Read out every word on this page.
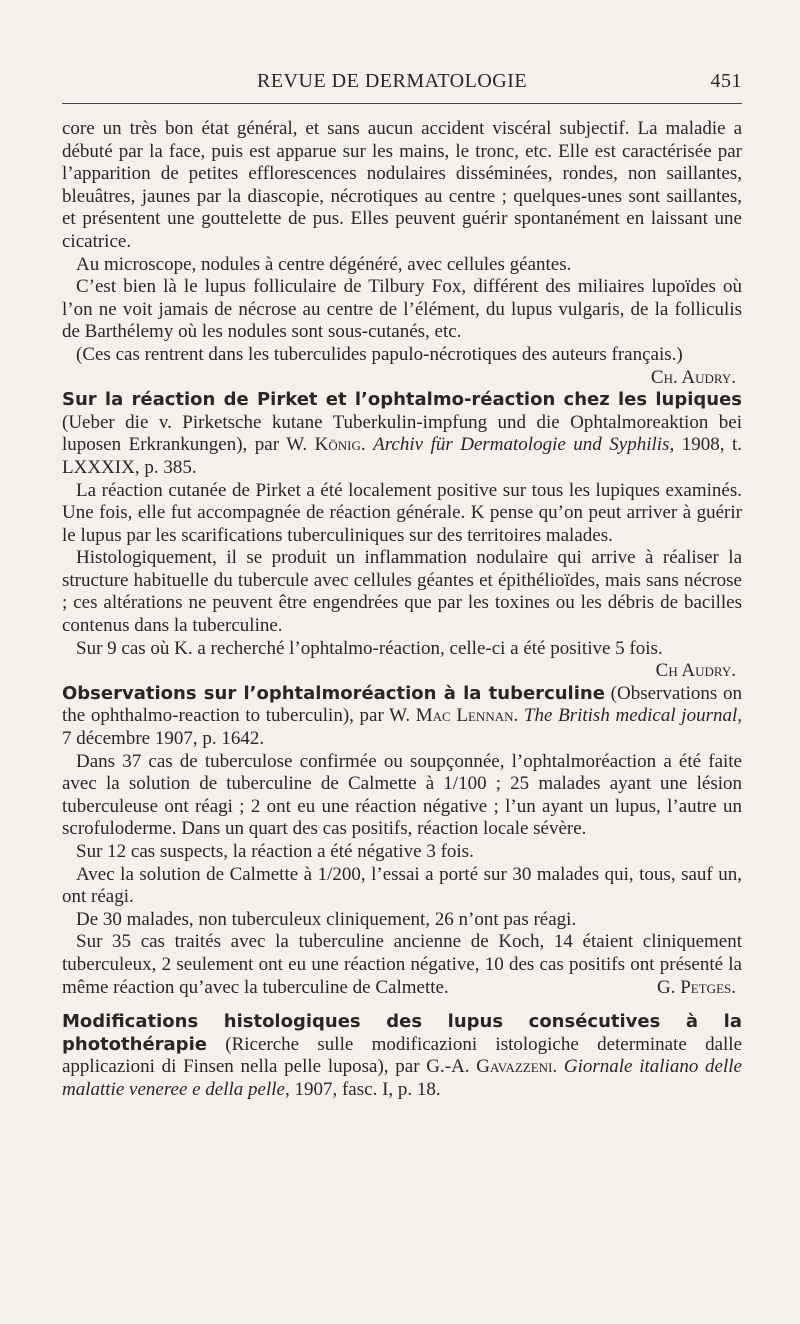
REVUE DE DERMATOLOGIE	451

core un très bon état général, et sans aucun accident viscéral subjectif. La maladie a débuté par la face, puis est apparue sur les mains, le tronc, etc. Elle est caractérisée par l’apparition de petites efflorescences nodulaires disséminées, rondes, non saillantes, bleuâtres, jaunes par la diascopie, nécrotiques au centre ; quelques-unes sont saillantes, et présentent une gouttelette de pus. Elles peuvent guérir spontanément en laissant une cicatrice.

Au microscope, nodules à centre dégénéré, avec cellules géantes.

C’est bien là le lupus folliculaire de Tilbury Fox, différent des miliaires lupoïdes où l’on ne voit jamais de nécrose au centre de l’élément, du lupus vulgaris, de la folliculis de Barthélemy où les nodules sont sous-cutanés, etc.

(Ces cas rentrent dans les tuberculides papulo-nécrotiques des auteurs français.)
Ch. Audry.

Sur la réaction de Pirket et l’ophtalmo-réaction chez les lupiques (Ueber die v. Pirketsche kutane Tuberkulin-impfung und die Ophtalmoreaktion bei luposen Erkrankungen), par W. König. Archiv für Dermatologie und Syphilis, 1908, t. LXXXIX, p. 385.

La réaction cutanée de Pirket a été localement positive sur tous les lupiques examinés. Une fois, elle fut accompagnée de réaction générale. K pense qu’on peut arriver à guérir le lupus par les scarifications tuberculiniques sur des territoires malades.

Histologiquement, il se produit un inflammation nodulaire qui arrive à réaliser la structure habituelle du tubercule avec cellules géantes et épithélioïdes, mais sans nécrose ; ces altérations ne peuvent être engendrées que par les toxines ou les débris de bacilles contenus dans la tuberculine.

Sur 9 cas où K. a recherché l’ophtalmo-réaction, celle-ci a été positive 5 fois.
Ch Audry.

Observations sur l’ophtalmoréaction à la tuberculine (Observations on the ophthalmo-reaction to tuberculin), par W. Mac Lennan. The British medical journal, 7 décembre 1907, p. 1642.

Dans 37 cas de tuberculose confirmée ou soupçonnée, l’ophtalmoréaction a été faite avec la solution de tuberculine de Calmette à 1/100 ; 25 malades ayant une lésion tuberculeuse ont réagi ; 2 ont eu une réaction négative ; l’un ayant un lupus, l’autre un scrofuloderme. Dans un quart des cas positifs, réaction locale sévère.

Sur 12 cas suspects, la réaction a été négative 3 fois.

Avec la solution de Calmette à 1/200, l’essai a porté sur 30 malades qui, tous, sauf un, ont réagi.

De 30 malades, non tuberculeux cliniquement, 26 n’ont pas réagi.

Sur 35 cas traités avec la tuberculine ancienne de Koch, 14 étaient cliniquement tuberculeux, 2 seulement ont eu une réaction négative, 10 des cas positifs ont présenté la même réaction qu’avec la tuberculine de Calmette.	G. Petges.

Modifications histologiques des lupus consécutives à la photothérapie (Ricerche sulle modificazioni istologiche determinate dalle applicazioni di Finsen nella pelle luposa), par G.-A. Gavazzeni. Giornale italiano delle malattie veneree e della pelle, 1907, fasc. I, p. 18.
